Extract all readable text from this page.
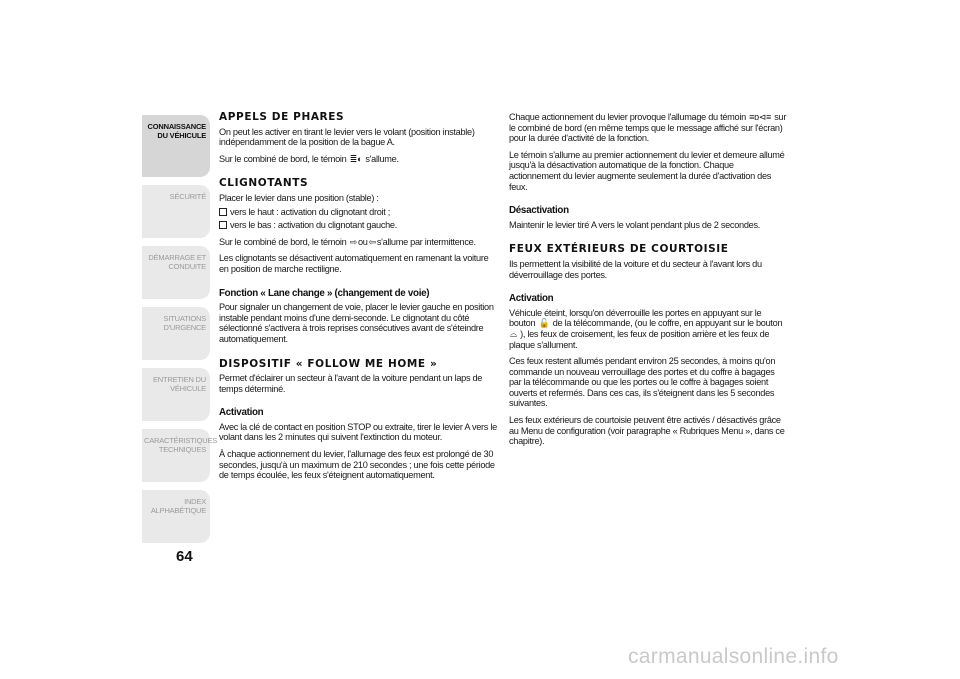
CONNAISSANCE
DU VÉHICULE
SÉCURITÉ
DÉMARRAGE ET
CONDUITE
SITUATIONS
D'URGENCE
ENTRETIEN DU
VÉHICULE
CARACTÉRISTIQUES
TECHNIQUES
INDEX
ALPHABÉTIQUE
64
APPELS DE PHARES

On peut les activer en tirant le levier vers le volant (position instable) indépendamment de la position de la bague A.

Sur le combiné de bord, le témoin ≣◐ s'allume.

CLIGNOTANTS

Placer le levier dans une position (stable) :

vers le haut : activation du clignotant droit ;

vers le bas : activation du clignotant gauche.

Sur le combiné de bord, le témoin ⇨ou⇦s'allume par intermittence.

Les clignotants se désactivent automatiquement en ramenant la voiture en position de marche rectiligne.

Fonction « Lane change » (changement de voie)

Pour signaler un changement de voie, placer le levier gauche en position instable pendant moins d'une demi-seconde. Le clignotant du côté sélectionné s'activera à trois reprises consécutives avant de s'éteindre automatiquement.

DISPOSITIF « FOLLOW ME HOME »

Permet d'éclairer un secteur à l'avant de la voiture pendant un laps de temps déterminé.

Activation

Avec la clé de contact en position STOP ou extraite, tirer le levier A vers le volant dans les 2 minutes qui suivent l'extinction du moteur.

À chaque actionnement du levier, l'allumage des feux est prolongé de 30 secondes, jusqu'à un maximum de 210 secondes ; une fois cette période de temps écoulée, les feux s'éteignent automatiquement.

Chaque actionnement du levier provoque l'allumage du témoin ≡ɒ⊲≡ sur le combiné de bord (en même temps que le message affiché sur l'écran) pour la durée d'activité de la fonction.

Le témoin s'allume au premier actionnement du levier et demeure allumé jusqu'à la désactivation automatique de la fonction. Chaque actionnement du levier augmente seulement la durée d'activation des feux.

Désactivation

Maintenir le levier tiré A vers le volant pendant plus de 2 secondes.

FEUX EXTÉRIEURS DE COURTOISIE

Ils permettent la visibilité de la voiture et du secteur à l'avant lors du déverrouillage des portes.

Activation

Véhicule éteint, lorsqu'on déverrouille les portes en appuyant sur le bouton 🔓 de la télécommande, (ou le coffre, en appuyant sur le bouton ⌓ ), les feux de croisement, les feux de position arrière et les feux de plaque s'allument.

Ces feux restent allumés pendant environ 25 secondes, à moins qu'on commande un nouveau verrouillage des portes et du coffre à bagages par la télécommande ou que les portes ou le coffre à bagages soient ouverts et refermés. Dans ces cas, ils s'éteignent dans les 5 secondes suivantes.

Les feux extérieurs de courtoisie peuvent être activés / désactivés grâce au Menu de configuration (voir paragraphe « Rubriques Menu », dans ce chapitre).

carmanualsonline.info
